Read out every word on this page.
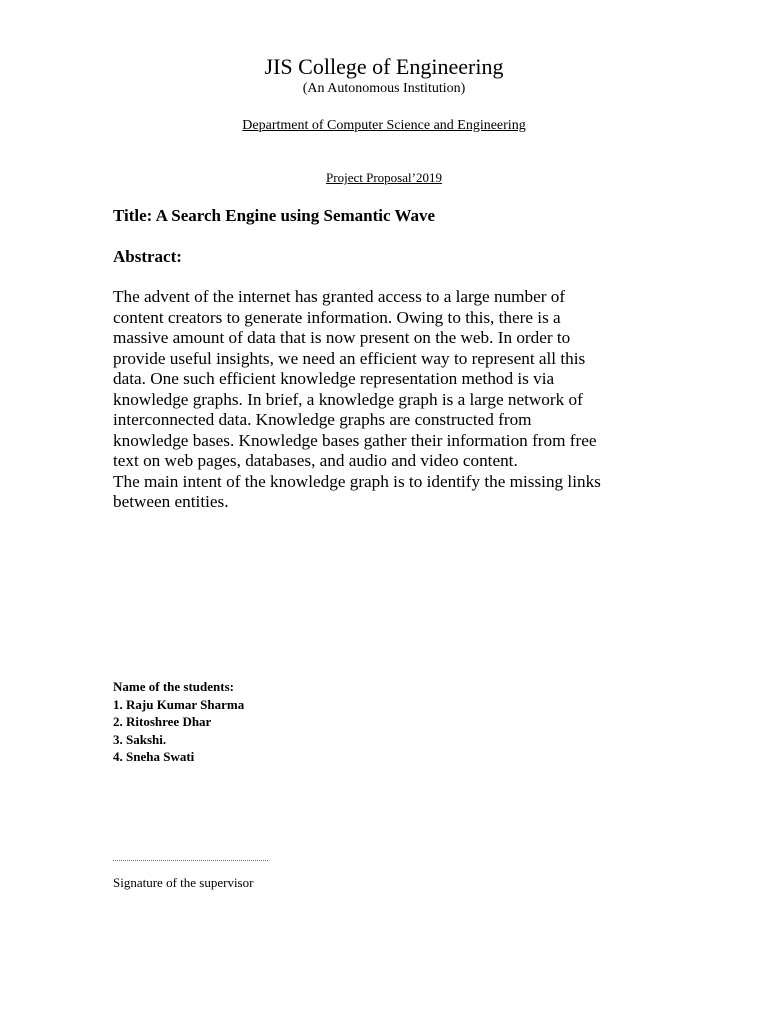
JIS College of Engineering
(An Autonomous Institution)
Department of Computer Science and Engineering
Project Proposal’2019
Title: A Search Engine using Semantic Wave
Abstract:
The advent of the internet has granted access to a large number of
content creators to generate information. Owing to this, there is a
massive amount of data that is now present on the web. In order to
provide useful insights, we need an efficient way to represent all this
data. One such efficient knowledge representation method is via
knowledge graphs. In brief, a knowledge graph is a large network of
interconnected data. Knowledge graphs are constructed from
knowledge bases. Knowledge bases gather their information from free
text on web pages, databases, and audio and video content.
The main intent of the knowledge graph is to identify the missing links
between entities.
Name of the students:
1. Raju Kumar Sharma
2. Ritoshree Dhar
3. Sakshi.
4. Sneha Swati
Signature of the supervisor
